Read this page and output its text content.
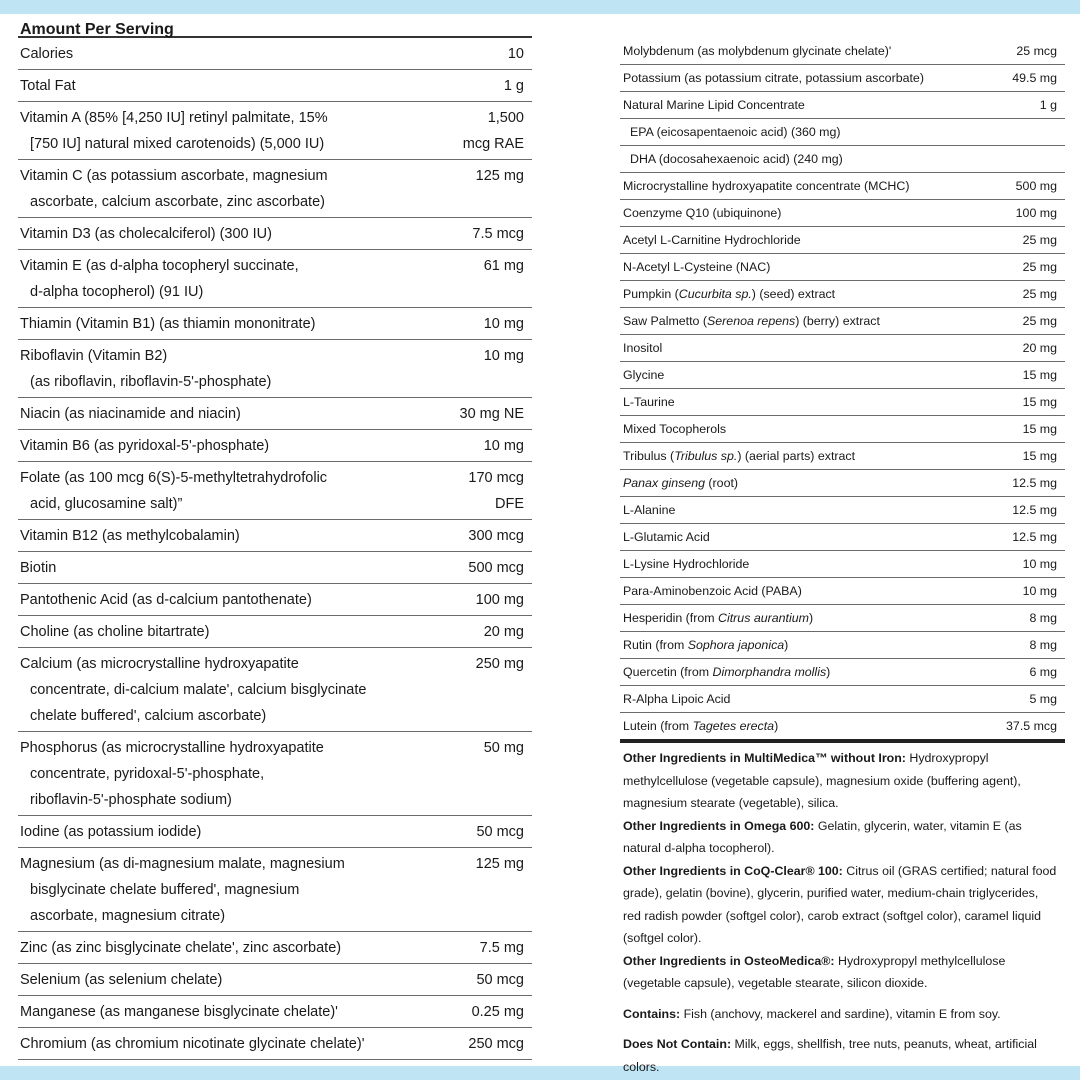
Amount Per Serving
Calories	10

Total Fat	1 g

Vitamin A (85% [4,250 IU] retinyl palmitate, 15%
[750 IU] natural mixed carotenoids) (5,000 IU)	1,500
mcg RAE

Vitamin C (as potassium ascorbate, magnesium
ascorbate, calcium ascorbate, zinc ascorbate)	125 mg

Vitamin D3 (as cholecalciferol) (300 IU)	7.5 mcg

Vitamin E (as d-alpha tocopheryl succinate,
d-alpha tocopherol) (91 IU)	61 mg

Thiamin (Vitamin B1) (as thiamin mononitrate)	10 mg

Riboflavin (Vitamin B2)
(as riboflavin, riboflavin-5'-phosphate)	10 mg

Niacin (as niacinamide and niacin)	30 mg NE

Vitamin B6 (as pyridoxal-5'-phosphate)	10 mg

Folate (as 100 mcg 6(S)-5-methyltetrahydrofolic
acid, glucosamine salt)”	170 mcg
DFE

Vitamin B12 (as methylcobalamin)	300 mcg

Biotin	500 mcg

Pantothenic Acid (as d-calcium pantothenate)	100 mg

Choline (as choline bitartrate)	20 mg

Calcium (as microcrystalline hydroxyapatite
concentrate, di-calcium malate', calcium bisglycinate
chelate buffered', calcium ascorbate)	250 mg

Phosphorus (as microcrystalline hydroxyapatite
concentrate, pyridoxal-5'-phosphate,
riboflavin-5'-phosphate sodium)	50 mg

Iodine (as potassium iodide)	50 mcg

Magnesium (as di-magnesium malate, magnesium
bisglycinate chelate buffered', magnesium
ascorbate, magnesium citrate)	125 mg

Zinc (as zinc bisglycinate chelate', zinc ascorbate)	7.5 mg

Selenium (as selenium chelate)	50 mcg

Manganese (as manganese bisglycinate chelate)'	0.25 mg

Chromium (as chromium nicotinate glycinate chelate)'	250 mcg
Molybdenum (as molybdenum glycinate chelate)'	25 mcg
Potassium (as potassium citrate, potassium ascorbate)	49.5 mg
Natural Marine Lipid Concentrate	1 g
EPA (eicosapentaenoic acid) (360 mg)	
DHA (docosahexaenoic acid) (240 mg)	
Microcrystalline hydroxyapatite concentrate (MCHC)	500 mg
Coenzyme Q10 (ubiquinone)	100 mg
Acetyl L-Carnitine Hydrochloride	25 mg
N-Acetyl L-Cysteine (NAC)	25 mg
Pumpkin (Cucurbita sp.) (seed) extract	25 mg
Saw Palmetto (Serenoa repens) (berry) extract	25 mg
Inositol	20 mg
Glycine	15 mg
L-Taurine	15 mg
Mixed Tocopherols	15 mg
Tribulus (Tribulus sp.) (aerial parts) extract	15 mg
Panax ginseng (root)	12.5 mg
L-Alanine	12.5 mg
L-Glutamic Acid	12.5 mg
L-Lysine Hydrochloride	10 mg
Para-Aminobenzoic Acid (PABA)	10 mg
Hesperidin (from Citrus aurantium)	8 mg
Rutin (from Sophora japonica)	8 mg
Quercetin (from Dimorphandra mollis)	6 mg
R-Alpha Lipoic Acid	5 mg
Lutein (from Tagetes erecta)	37.5 mcg

Other Ingredients in MultiMedica™ without Iron: Hydroxypropyl methylcellulose (vegetable capsule), magnesium oxide (buffering agent), magnesium stearate (vegetable), silica.

Other Ingredients in Omega 600: Gelatin, glycerin, water, vitamin E (as natural d-alpha tocopherol).

Other Ingredients in CoQ-Clear® 100: Citrus oil (GRAS certified; natural food grade), gelatin (bovine), glycerin, purified water, medium-chain triglycerides, red radish powder (softgel color), carob extract (softgel color), caramel liquid (softgel color).

Other Ingredients in OsteoMedica®: Hydroxypropyl methylcellulose (vegetable capsule), vegetable stearate, silicon dioxide.

Contains: Fish (anchovy, mackerel and sardine), vitamin E from soy.

Does Not Contain: Milk, eggs, shellfish, tree nuts, peanuts, wheat, artificial colors.
